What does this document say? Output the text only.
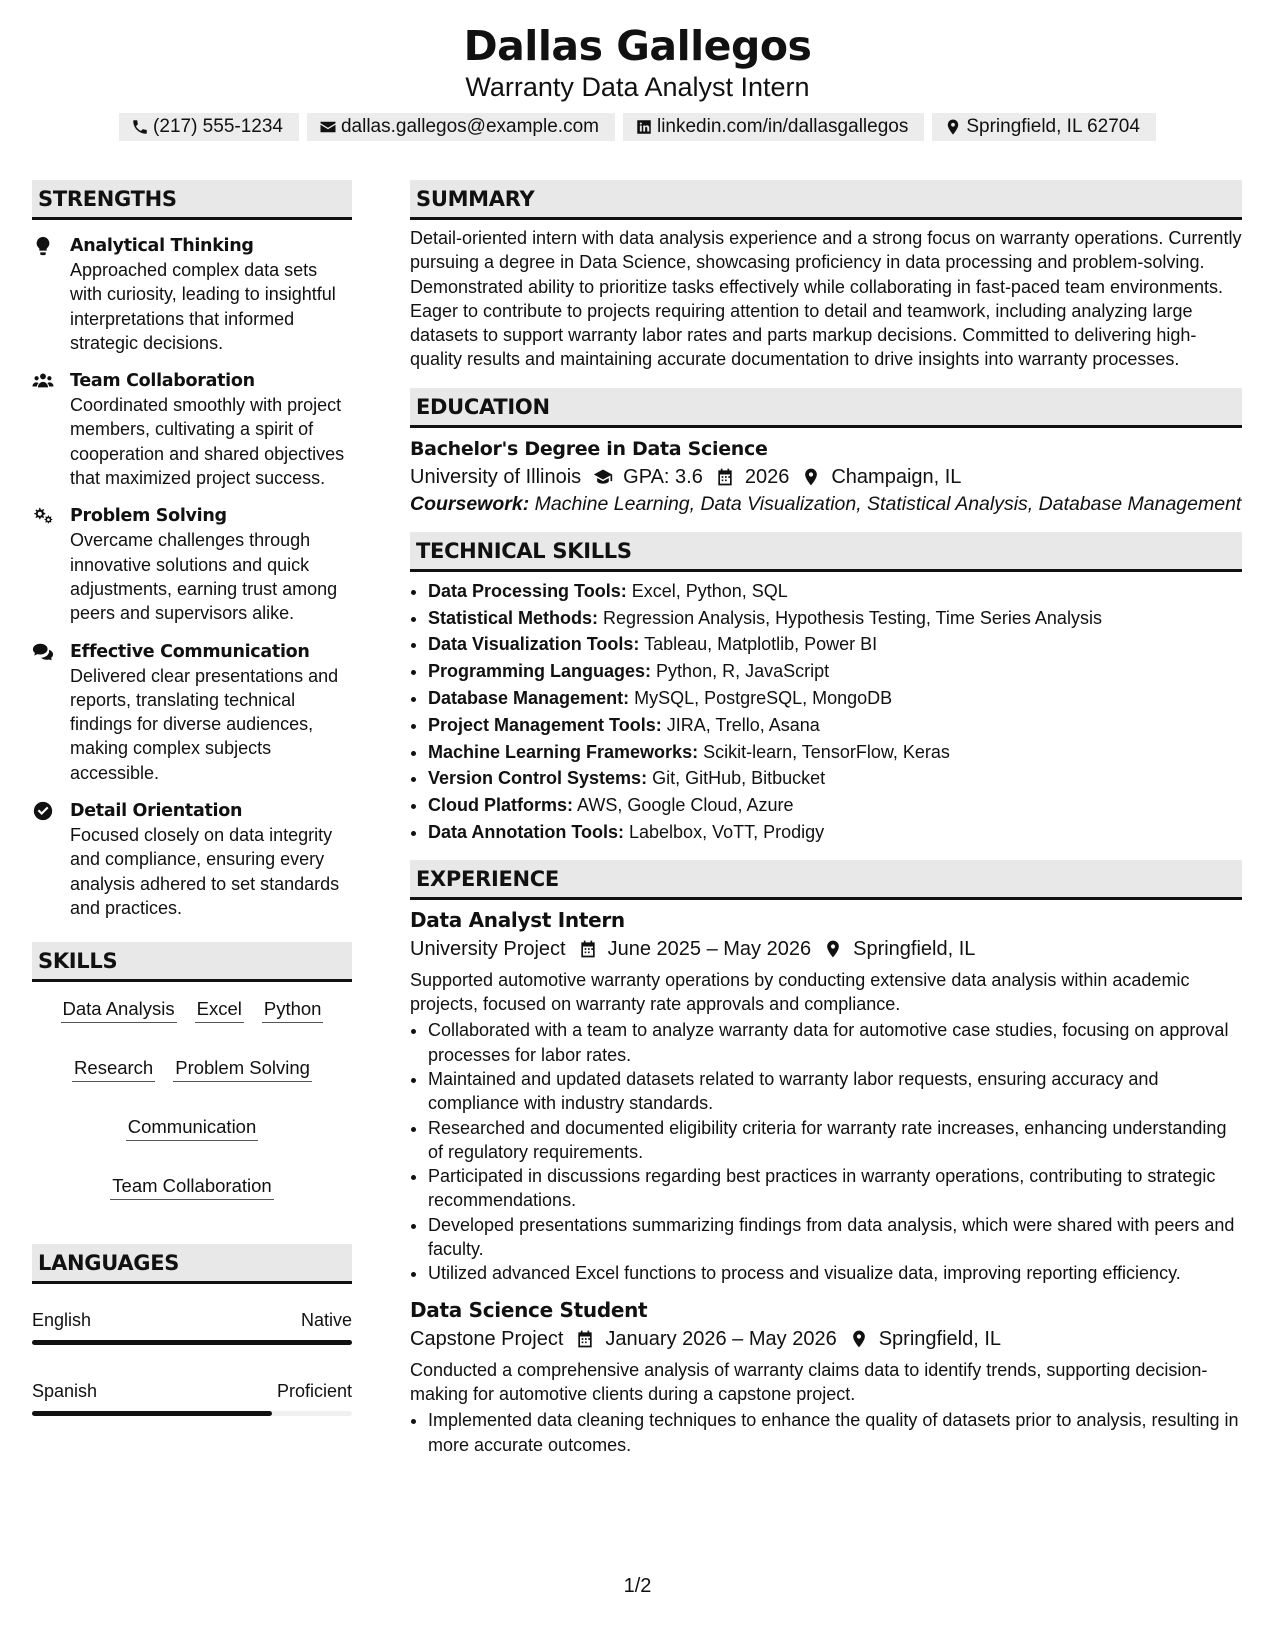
Dallas Gallegos
Warranty Data Analyst Intern
(217) 555-1234	dallas.gallegos@example.com	linkedin.com/in/dallasgallegos	Springfield, IL 62704
STRENGTHS
Analytical Thinking
Approached complex data sets with curiosity, leading to insightful interpretations that informed strategic decisions.
Team Collaboration
Coordinated smoothly with project members, cultivating a spirit of cooperation and shared objectives that maximized project success.
Problem Solving
Overcame challenges through innovative solutions and quick adjustments, earning trust among peers and supervisors alike.
Effective Communication
Delivered clear presentations and reports, translating technical findings for diverse audiences, making complex subjects accessible.
Detail Orientation
Focused closely on data integrity and compliance, ensuring every analysis adhered to set standards and practices.
SKILLS
Data Analysis Excel Python
Research Problem Solving
Communication
Team Collaboration
LANGUAGES
English	Native
Spanish	Proficient
SUMMARY
Detail-oriented intern with data analysis experience and a strong focus on warranty operations. Currently pursuing a degree in Data Science, showcasing proficiency in data processing and problem-solving. Demonstrated ability to prioritize tasks effectively while collaborating in fast-paced team environments. Eager to contribute to projects requiring attention to detail and teamwork, including analyzing large datasets to support warranty labor rates and parts markup decisions. Committed to delivering high-quality results and maintaining accurate documentation to drive insights into warranty processes.
EDUCATION
Bachelor's Degree in Data Science
University of Illinois GPA: 3.6 2026 Champaign, IL
Coursework: Machine Learning, Data Visualization, Statistical Analysis, Database Management
TECHNICAL SKILLS
• Data Processing Tools: Excel, Python, SQL
• Statistical Methods: Regression Analysis, Hypothesis Testing, Time Series Analysis
• Data Visualization Tools: Tableau, Matplotlib, Power BI
• Programming Languages: Python, R, JavaScript
• Database Management: MySQL, PostgreSQL, MongoDB
• Project Management Tools: JIRA, Trello, Asana
• Machine Learning Frameworks: Scikit-learn, TensorFlow, Keras
• Version Control Systems: Git, GitHub, Bitbucket
• Cloud Platforms: AWS, Google Cloud, Azure
• Data Annotation Tools: Labelbox, VoTT, Prodigy
EXPERIENCE
Data Analyst Intern
University Project June 2025 – May 2026 Springfield, IL
Supported automotive warranty operations by conducting extensive data analysis within academic projects, focused on warranty rate approvals and compliance.
• Collaborated with a team to analyze warranty data for automotive case studies, focusing on approval processes for labor rates.
• Maintained and updated datasets related to warranty labor requests, ensuring accuracy and compliance with industry standards.
• Researched and documented eligibility criteria for warranty rate increases, enhancing understanding of regulatory requirements.
• Participated in discussions regarding best practices in warranty operations, contributing to strategic recommendations.
• Developed presentations summarizing findings from data analysis, which were shared with peers and faculty.
• Utilized advanced Excel functions to process and visualize data, improving reporting efficiency.
Data Science Student
Capstone Project January 2026 – May 2026 Springfield, IL
Conducted a comprehensive analysis of warranty claims data to identify trends, supporting decision-making for automotive clients during a capstone project.
• Implemented data cleaning techniques to enhance the quality of datasets prior to analysis, resulting in more accurate outcomes.
1/2
